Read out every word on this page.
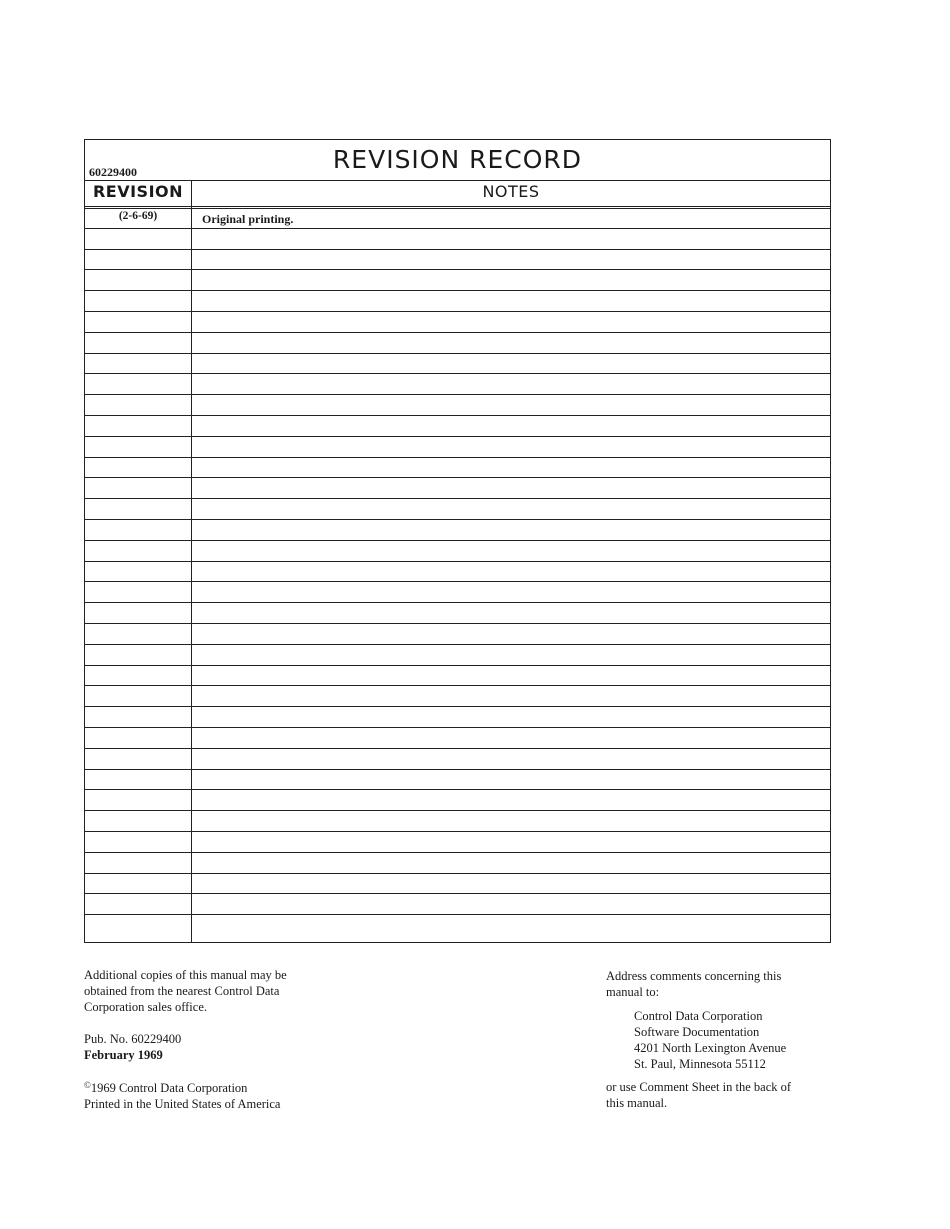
60229400	REVISION RECORD
REVISION	NOTES
(2-6-69)	Original printing.

Additional copies of this manual may be

obtained from the nearest Control Data

Corporation sales office.

Pub. No. 60229400

February 1969

©1969 Control Data Corporation

Printed in the United States of America

Address comments concerning this

manual to:

Control Data Corporation

Software Documentation

4201 North Lexington Avenue

St. Paul, Minnesota 55112

or use Comment Sheet in the back of

this manual.
